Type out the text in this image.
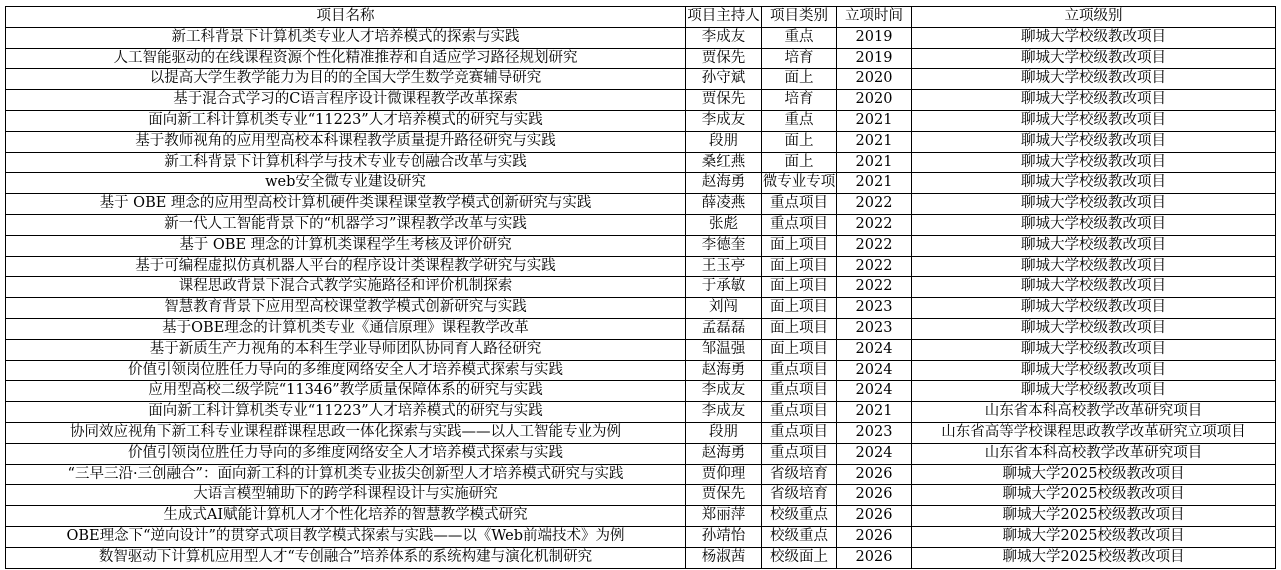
项目名称	项目主持人	项目类别	立项时间	立项级别
新工科背景下计算机类专业人才培养模式的探索与实践	李成友	重点	2019	聊城大学校级教改项目
人工智能驱动的在线课程资源个性化精准推荐和自适应学习路径规划研究	贾保先	培育	2019	聊城大学校级教改项目
以提高大学生教学能力为目的的全国大学生数学竞赛辅导研究	孙守斌	面上	2020	聊城大学校级教改项目
基于混合式学习的C语言程序设计微课程教学改革探索	贾保先	培育	2020	聊城大学校级教改项目
面向新工科计算机类专业“11223”人才培养模式的研究与实践	李成友	重点	2021	聊城大学校级教改项目
基于教师视角的应用型高校本科课程教学质量提升路径研究与实践	段朋	面上	2021	聊城大学校级教改项目
新工科背景下计算机科学与技术专业专创融合改革与实践	桑红燕	面上	2021	聊城大学校级教改项目
web安全微专业建设研究	赵海勇	微专业专项	2021	聊城大学校级教改项目
基于 OBE 理念的应用型高校计算机硬件类课程课堂教学模式创新研究与实践	薛凌燕	重点项目	2022	聊城大学校级教改项目
新一代人工智能背景下的“机器学习”课程教学改革与实践	张彪	重点项目	2022	聊城大学校级教改项目
基于 OBE 理念的计算机类课程学生考核及评价研究	李德奎	面上项目	2022	聊城大学校级教改项目
基于可编程虚拟仿真机器人平台的程序设计类课程教学研究与实践	王玉亭	面上项目	2022	聊城大学校级教改项目
课程思政背景下混合式教学实施路径和评价机制探索	于承敏	面上项目	2022	聊城大学校级教改项目
智慧教育背景下应用型高校课堂教学模式创新研究与实践	刘闯	面上项目	2023	聊城大学校级教改项目
基于OBE理念的计算机类专业《通信原理》课程教学改革	孟磊磊	面上项目	2023	聊城大学校级教改项目
基于新质生产力视角的本科生学业导师团队协同育人路径研究	邹温强	面上项目	2024	聊城大学校级教改项目
价值引领岗位胜任力导向的多维度网络安全人才培养模式探索与实践	赵海勇	重点项目	2024	聊城大学校级教改项目
应用型高校二级学院“11346”教学质量保障体系的研究与实践	李成友	重点项目	2024	聊城大学校级教改项目
面向新工科计算机类专业“11223”人才培养模式的研究与实践	李成友	重点项目	2021	山东省本科高校教学改革研究项目
协同效应视角下新工科专业课程群课程思政一体化探索与实践——以人工智能专业为例	段朋	重点项目	2023	山东省高等学校课程思政教学改革研究立项项目
价值引领岗位胜任力导向的多维度网络安全人才培养模式探索与实践	赵海勇	重点项目	2024	山东省本科高校教学改革研究项目
“三早三沿·三创融合”：面向新工科的计算机类专业拔尖创新型人才培养模式研究与实践	贾仰理	省级培育	2026	聊城大学2025校级教改项目
大语言模型辅助下的跨学科课程设计与实施研究	贾保先	省级培育	2026	聊城大学2025校级教改项目
生成式AI赋能计算机人才个性化培养的智慧教学模式研究	郑丽萍	校级重点	2026	聊城大学2025校级教改项目
OBE理念下“逆向设计”的贯穿式项目教学模式探索与实践——以《Web前端技术》为例	孙靖怡	校级重点	2026	聊城大学2025校级教改项目
数智驱动下计算机应用型人才“专创融合”培养体系的系统构建与演化机制研究	杨淑茜	校级面上	2026	聊城大学2025校级教改项目
